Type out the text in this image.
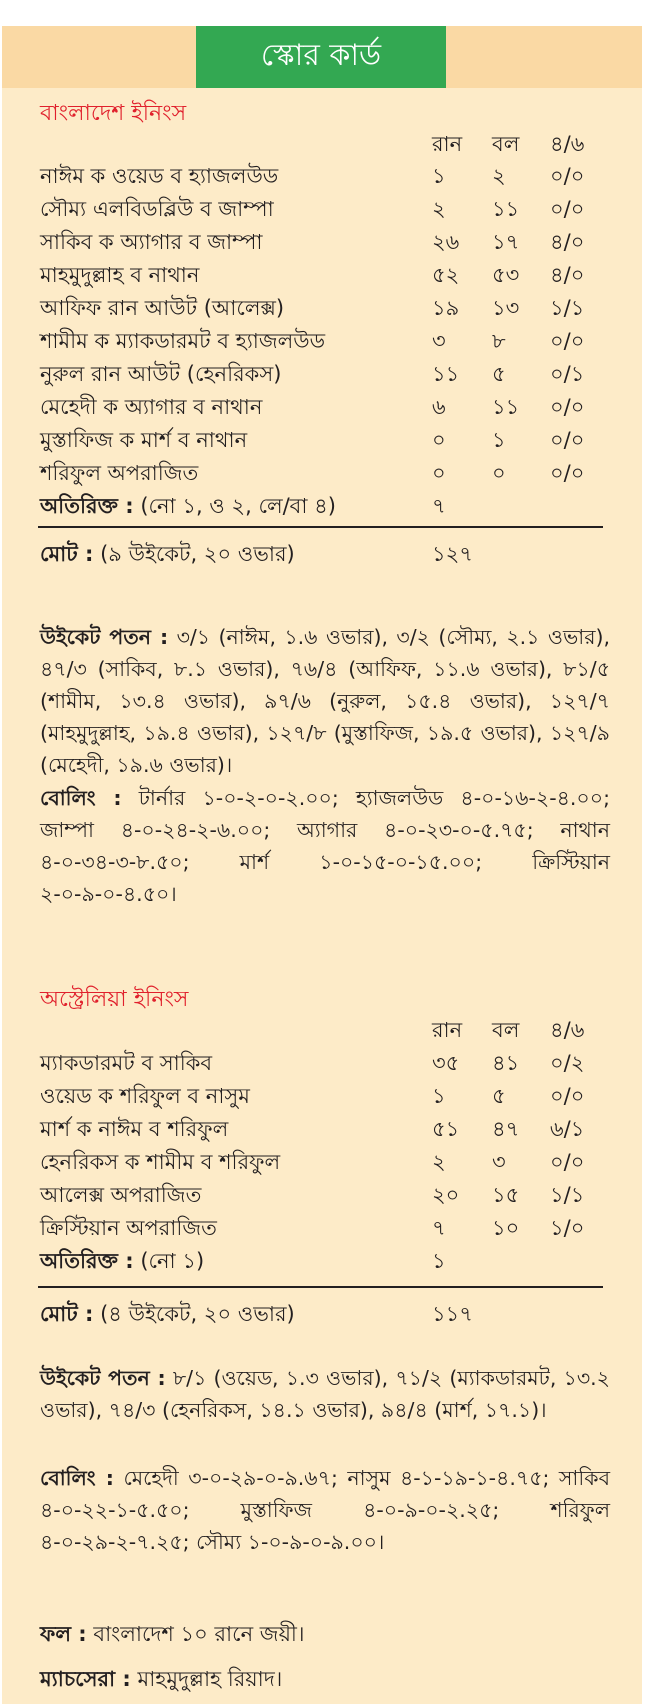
স্কোর কার্ড
বাংলাদেশ ইনিংস
রান বল ৪/৬
নাঈম ক ওয়েড ব হ্যাজলউড	১ ২ ০/০
সৌম্য এলবিডব্লিউ ব জাম্পা	২ ১১ ০/০
সাকিব ক অ্যাগার ব জাম্পা	২৬ ১৭ ৪/০
মাহমুদুল্লাহ ব নাথান	৫২ ৫৩ ৪/০
আফিফ রান আউট (আলেক্স)	১৯ ১৩ ১/১
শামীম ক ম্যাকডারমট ব হ্যাজলউড	৩ ৮ ০/০
নুরুল রান আউট (হেনরিকস)	১১ ৫ ০/১
মেহেদী ক অ্যাগার ব নাথান	৬ ১১ ০/০
মুস্তাফিজ ক মার্শ ব নাথান	০ ১ ০/০
শরিফুল অপরাজিত	০ ০ ০/০
অতিরিক্ত : (নো ১, ও ২, লে/বা ৪)	৭
মোট : (৯ উইকেট, ২০ ওভার)	১২৭
উইকেট পতন : ৩/১ (নাঈম, ১.৬ ওভার), ৩/২ (সৌম্য, ২.১ ওভার), ৪৭/৩ (সাকিব, ৮.১ ওভার), ৭৬/৪ (আফিফ, ১১.৬ ওভার), ৮১/৫ (শামীম, ১৩.৪ ওভার), ৯৭/৬ (নুরুল, ১৫.৪ ওভার), ১২৭/৭ (মাহমুদুল্লাহ, ১৯.৪ ওভার), ১২৭/৮ (মুস্তাফিজ, ১৯.৫ ওভার), ১২৭/৯ (মেহেদী, ১৯.৬ ওভার)।
বোলিং : টার্নার ১-০-২-০-২.০০; হ্যাজলউড ৪-০-১৬-২-৪.০০; জাম্পা ৪-০-২৪-২-৬.০০; অ্যাগার ৪-০-২৩-০-৫.৭৫; নাথান ৪-০-৩৪-৩-৮.৫০; মার্শ ১-০-১৫-০-১৫.০০; ক্রিস্টিয়ান ২-০-৯-০-৪.৫০।
অস্ট্রেলিয়া ইনিংস
রান বল ৪/৬
ম্যাকডারমট ব সাকিব	৩৫ ৪১ ০/২
ওয়েড ক শরিফুল ব নাসুম	১ ৫ ০/০
মার্শ ক নাঈম ব শরিফুল	৫১ ৪৭ ৬/১
হেনরিকস ক শামীম ব শরিফুল	২ ৩ ০/০
আলেক্স অপরাজিত	২০ ১৫ ১/১
ক্রিস্টিয়ান অপরাজিত	৭ ১০ ১/০
অতিরিক্ত : (নো ১)	১
মোট : (৪ উইকেট, ২০ ওভার)	১১৭
উইকেট পতন : ৮/১ (ওয়েড, ১.৩ ওভার), ৭১/২ (ম্যাকডারমট, ১৩.২ ওভার), ৭৪/৩ (হেনরিকস, ১৪.১ ওভার), ৯৪/৪ (মার্শ, ১৭.১)।
বোলিং : মেহেদী ৩-০-২৯-০-৯.৬৭; নাসুম ৪-১-১৯-১-৪.৭৫; সাকিব ৪-০-২২-১-৫.৫০; মুস্তাফিজ ৪-০-৯-০-২.২৫; শরিফুল ৪-০-২৯-২-৭.২৫; সৌম্য ১-০-৯-০-৯.০০।
ফল : বাংলাদেশ ১০ রানে জয়ী।
ম্যাচসেরা : মাহমুদুল্লাহ রিয়াদ।
